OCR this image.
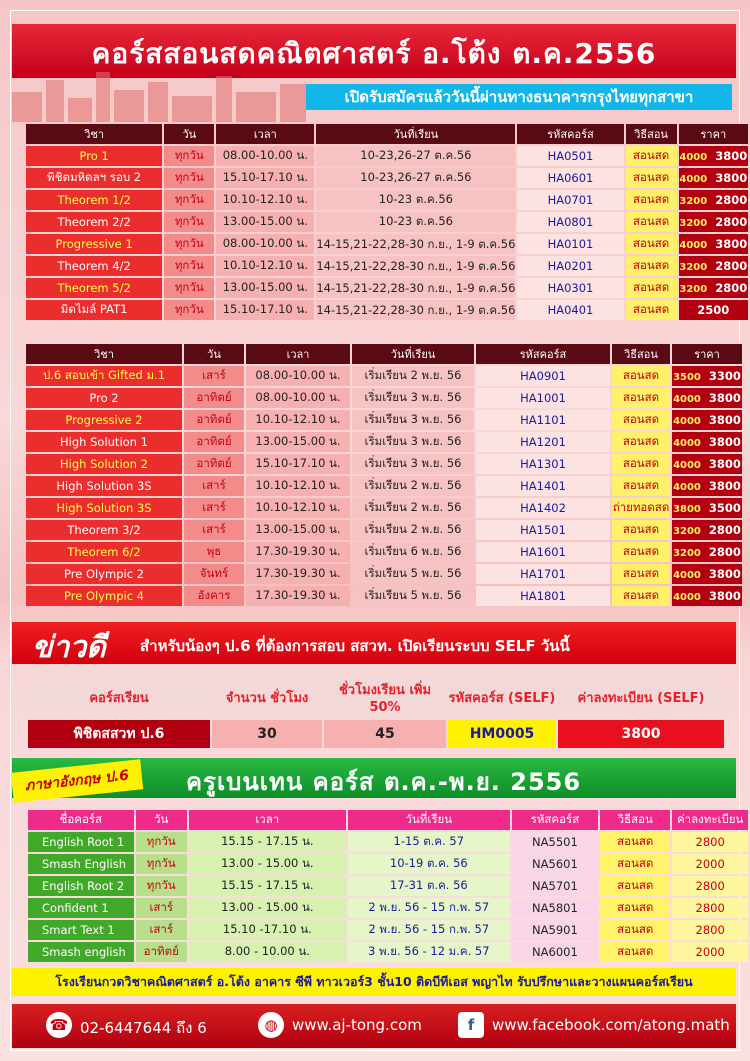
คอร์สสอนสดคณิตศาสตร์ อ.โต้ง ต.ค.2556
เปิดรับสมัครแล้ววันนี้ผ่านทางธนาคารกรุงไทยทุกสาขา
วิชา	วัน	เวลา	วันที่เรียน	รหัสคอร์ส	วิธีสอน	ราคา
Pro 1	ทุกวัน	08.00-10.00 น.	10-23,26-27 ต.ค.56	HA0501	สอนสด	4000 3800
พิชิตมหิดลฯ รอบ 2	ทุกวัน	15.10-17.10 น.	10-23,26-27 ต.ค.56	HA0601	สอนสด	4000 3800
Theorem 1/2	ทุกวัน	10.10-12.10 น.	10-23 ต.ค.56	HA0701	สอนสด	3200 2800
Theorem 2/2	ทุกวัน	13.00-15.00 น.	10-23 ต.ค.56	HA0801	สอนสด	3200 2800
Progressive 1	ทุกวัน	08.00-10.00 น.	14-15,21-22,28-30 ก.ย., 1-9 ต.ค.56	HA0101	สอนสด	4000 3800
Theorem 4/2	ทุกวัน	10.10-12.10 น.	14-15,21-22,28-30 ก.ย., 1-9 ต.ค.56	HA0201	สอนสด	3200 2800
Theorem 5/2	ทุกวัน	13.00-15.00 น.	14-15,21-22,28-30 ก.ย., 1-9 ต.ค.56	HA0301	สอนสด	3200 2800
มิดไมล์ PAT1	ทุกวัน	15.10-17.10 น.	14-15,21-22,28-30 ก.ย., 1-9 ต.ค.56	HA0401	สอนสด	2500
วิชา	วัน	เวลา	วันที่เรียน	รหัสคอร์ส	วิธีสอน	ราคา
ป.6 สอบเข้า Gifted ม.1	เสาร์	08.00-10.00 น.	เริ่มเรียน 2 พ.ย. 56	HA0901	สอนสด	3500 3300
Pro 2	อาทิตย์	08.00-10.00 น.	เริ่มเรียน 3 พ.ย. 56	HA1001	สอนสด	4000 3800
Progressive 2	อาทิตย์	10.10-12.10 น.	เริ่มเรียน 3 พ.ย. 56	HA1101	สอนสด	4000 3800
High Solution 1	อาทิตย์	13.00-15.00 น.	เริ่มเรียน 3 พ.ย. 56	HA1201	สอนสด	4000 3800
High Solution 2	อาทิตย์	15.10-17.10 น.	เริ่มเรียน 3 พ.ย. 56	HA1301	สอนสด	4000 3800
High Solution 3S	เสาร์	10.10-12.10 น.	เริ่มเรียน 2 พ.ย. 56	HA1401	สอนสด	4000 3800
High Solution 3S	เสาร์	10.10-12.10 น.	เริ่มเรียน 2 พ.ย. 56	HA1402	ถ่ายทอดสด	3800 3500
Theorem 3/2	เสาร์	13.00-15.00 น.	เริ่มเรียน 2 พ.ย. 56	HA1501	สอนสด	3200 2800
Theorem 6/2	พุธ	17.30-19.30 น.	เริ่มเรียน 6 พ.ย. 56	HA1601	สอนสด	3200 2800
Pre Olympic 2	จันทร์	17.30-19.30 น.	เริ่มเรียน 5 พ.ย. 56	HA1701	สอนสด	4000 3800
Pre Olympic 4	อังคาร	17.30-19.30 น.	เริ่มเรียน 5 พ.ย. 56	HA1801	สอนสด	4000 3800
ข่าวดี สำหรับน้องๆ ป.6 ที่ต้องการสอบ สสวท. เปิดเรียนระบบ SELF วันนี้
คอร์สเรียน	จำนวน ชั่วโมง	ชั่วโมงเรียน เพิ่ม 50%	รหัสคอร์ส (SELF)	ค่าลงทะเบียน (SELF)
พิชิตสสวท ป.6	30	45	HM0005	3800
ภาษาอังกฤษ ป.6	ครูเบนเทน คอร์ส ต.ค.-พ.ย. 2556
ชื่อคอร์ส	วัน	เวลา	วันที่เรียน	รหัสคอร์ส	วิธีสอน	ค่าลงทะเบียน
English Root 1	ทุกวัน	15.15 - 17.15 น.	1-15 ต.ค. 57	NA5501	สอนสด	2800
Smash English	ทุกวัน	13.00 - 15.00 น.	10-19 ต.ค. 56	NA5601	สอนสด	2000
English Root 2	ทุกวัน	15.15 - 17.15 น.	17-31 ต.ค. 56	NA5701	สอนสด	2800
Confident 1	เสาร์	13.00 - 15.00 น.	2 พ.ย. 56 - 15 ก.พ. 57	NA5801	สอนสด	2800
Smart Text 1	เสาร์	15.10 -17.10 น.	2 พ.ย. 56 - 15 ก.พ. 57	NA5901	สอนสด	2800
Smash english	อาทิตย์	8.00 - 10.00 น.	3 พ.ย. 56 - 12 ม.ค. 57	NA6001	สอนสด	2000
โรงเรียนกวดวิชาคณิตศาสตร์ อ.โต้ง อาคาร ซีพี ทาวเวอร์3 ชั้น10 ติดบีทีเอส พญาไท รับปรึกษาและวางแผนคอร์สเรียน
☎ 02-6447644 ถึง 6	◍ www.aj-tong.com	f	www.facebook.com/atong.math
